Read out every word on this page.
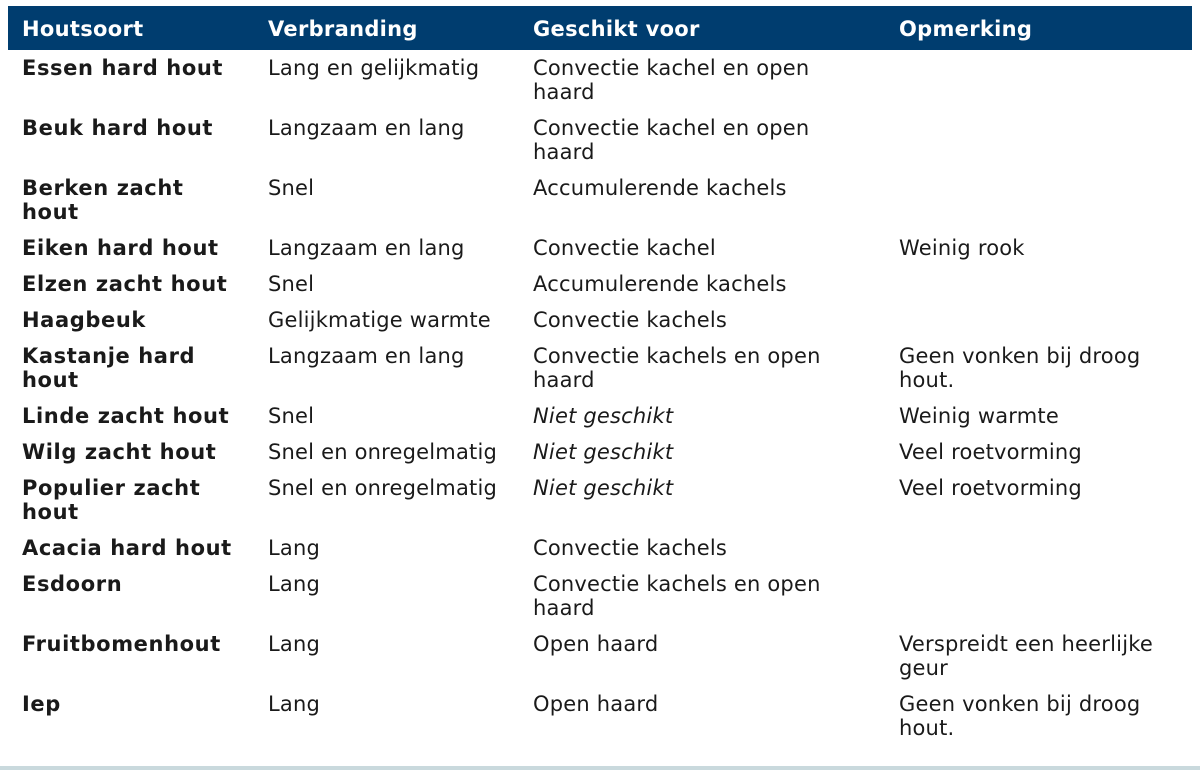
Houtsoort	Verbranding	Geschikt voor	Opmerking
Essen hard hout	Lang en gelijkmatig	Convectie kachel en open haard	
Beuk hard hout	Langzaam en lang	Convectie kachel en open haard	
Berken zacht hout	Snel	Accumulerende kachels	
Eiken hard hout	Langzaam en lang	Convectie kachel	Weinig rook
Elzen zacht hout	Snel	Accumulerende kachels	
Haagbeuk	Gelijkmatige warmte	Convectie kachels	
Kastanje hard hout	Langzaam en lang	Convectie kachels en open haard	Geen vonken bij droog hout.
Linde zacht hout	Snel	Niet geschikt	Weinig warmte
Wilg zacht hout	Snel en onregelmatig	Niet geschikt	Veel roetvorming
Populier zacht hout	Snel en onregelmatig	Niet geschikt	Veel roetvorming
Acacia hard hout	Lang	Convectie kachels	
Esdoorn	Lang	Convectie kachels en open haard	
Fruitbomenhout	Lang	Open haard	Verspreidt een heerlijke geur
Iep	Lang	Open haard	Geen vonken bij droog hout.
